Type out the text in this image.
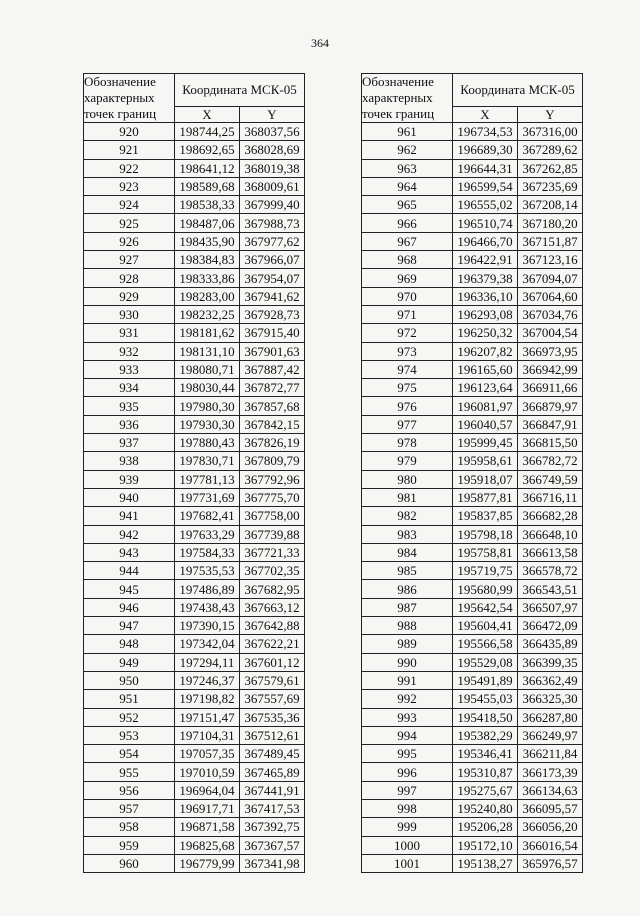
364
Обозначение характерных точек границ	Координата МСК-05	
	X	Y
920	198744,25	368037,56
921	198692,65	368028,69
922	198641,12	368019,38
923	198589,68	368009,61
924	198538,33	367999,40
925	198487,06	367988,73
926	198435,90	367977,62
927	198384,83	367966,07
928	198333,86	367954,07
929	198283,00	367941,62
930	198232,25	367928,73
931	198181,62	367915,40
932	198131,10	367901,63
933	198080,71	367887,42
934	198030,44	367872,77
935	197980,30	367857,68
936	197930,30	367842,15
937	197880,43	367826,19
938	197830,71	367809,79
939	197781,13	367792,96
940	197731,69	367775,70
941	197682,41	367758,00
942	197633,29	367739,88
943	197584,33	367721,33
944	197535,53	367702,35
945	197486,89	367682,95
946	197438,43	367663,12
947	197390,15	367642,88
948	197342,04	367622,21
949	197294,11	367601,12
950	197246,37	367579,61
951	197198,82	367557,69
952	197151,47	367535,36
953	197104,31	367512,61
954	197057,35	367489,45
955	197010,59	367465,89
956	196964,04	367441,91
957	196917,71	367417,53
958	196871,58	367392,75
959	196825,68	367367,57
960	196779,99	367341,98
Обозначение характерных точек границ	Координата МСК-05	
	X	Y
961	196734,53	367316,00
962	196689,30	367289,62
963	196644,31	367262,85
964	196599,54	367235,69
965	196555,02	367208,14
966	196510,74	367180,20
967	196466,70	367151,87
968	196422,91	367123,16
969	196379,38	367094,07
970	196336,10	367064,60
971	196293,08	367034,76
972	196250,32	367004,54
973	196207,82	366973,95
974	196165,60	366942,99
975	196123,64	366911,66
976	196081,97	366879,97
977	196040,57	366847,91
978	195999,45	366815,50
979	195958,61	366782,72
980	195918,07	366749,59
981	195877,81	366716,11
982	195837,85	366682,28
983	195798,18	366648,10
984	195758,81	366613,58
985	195719,75	366578,72
986	195680,99	366543,51
987	195642,54	366507,97
988	195604,41	366472,09
989	195566,58	366435,89
990	195529,08	366399,35
991	195491,89	366362,49
992	195455,03	366325,30
993	195418,50	366287,80
994	195382,29	366249,97
995	195346,41	366211,84
996	195310,87	366173,39
997	195275,67	366134,63
998	195240,80	366095,57
999	195206,28	366056,20
1000	195172,10	366016,54
1001	195138,27	365976,57
